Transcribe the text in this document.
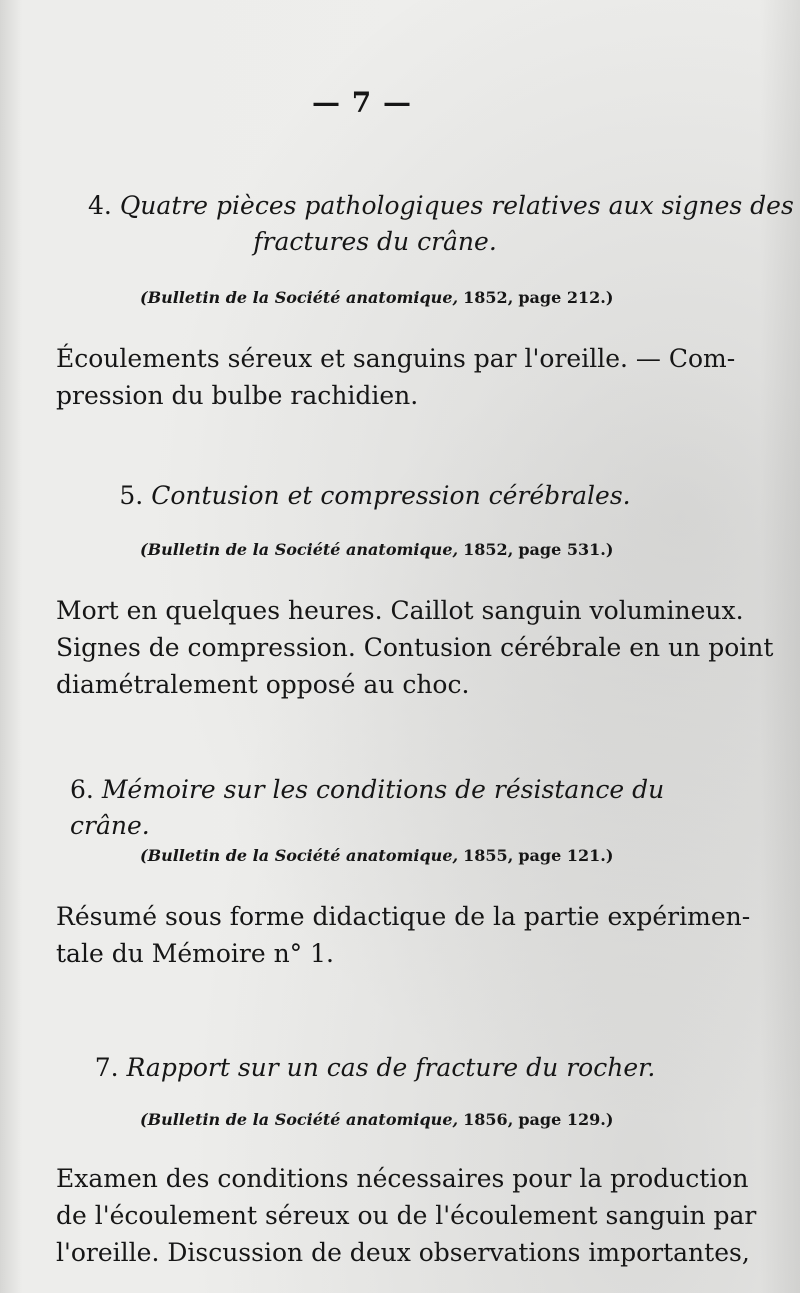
— 7 —
4. Quatre pièces pathologiques relatives aux signes des
fractures du crâne.
(Bulletin de la Société anatomique, 1852, page 212.)
Écoulements séreux et sanguins par l'oreille. — Com-
pression du bulbe rachidien.
5. Contusion et compression cérébrales.
(Bulletin de la Société anatomique, 1852, page 531.)
Mort en quelques heures. Caillot sanguin volumineux.
Signes de compression. Contusion cérébrale en un point
diamétralement opposé au choc.
6. Mémoire sur les conditions de résistance du crâne.
(Bulletin de la Société anatomique, 1855, page 121.)
Résumé sous forme didactique de la partie expérimen-
tale du Mémoire n° 1.
7. Rapport sur un cas de fracture du rocher.
(Bulletin de la Société anatomique, 1856, page 129.)
Examen des conditions nécessaires pour la production
de l'écoulement séreux ou de l'écoulement sanguin par
l'oreille. Discussion de deux observations importantes,
